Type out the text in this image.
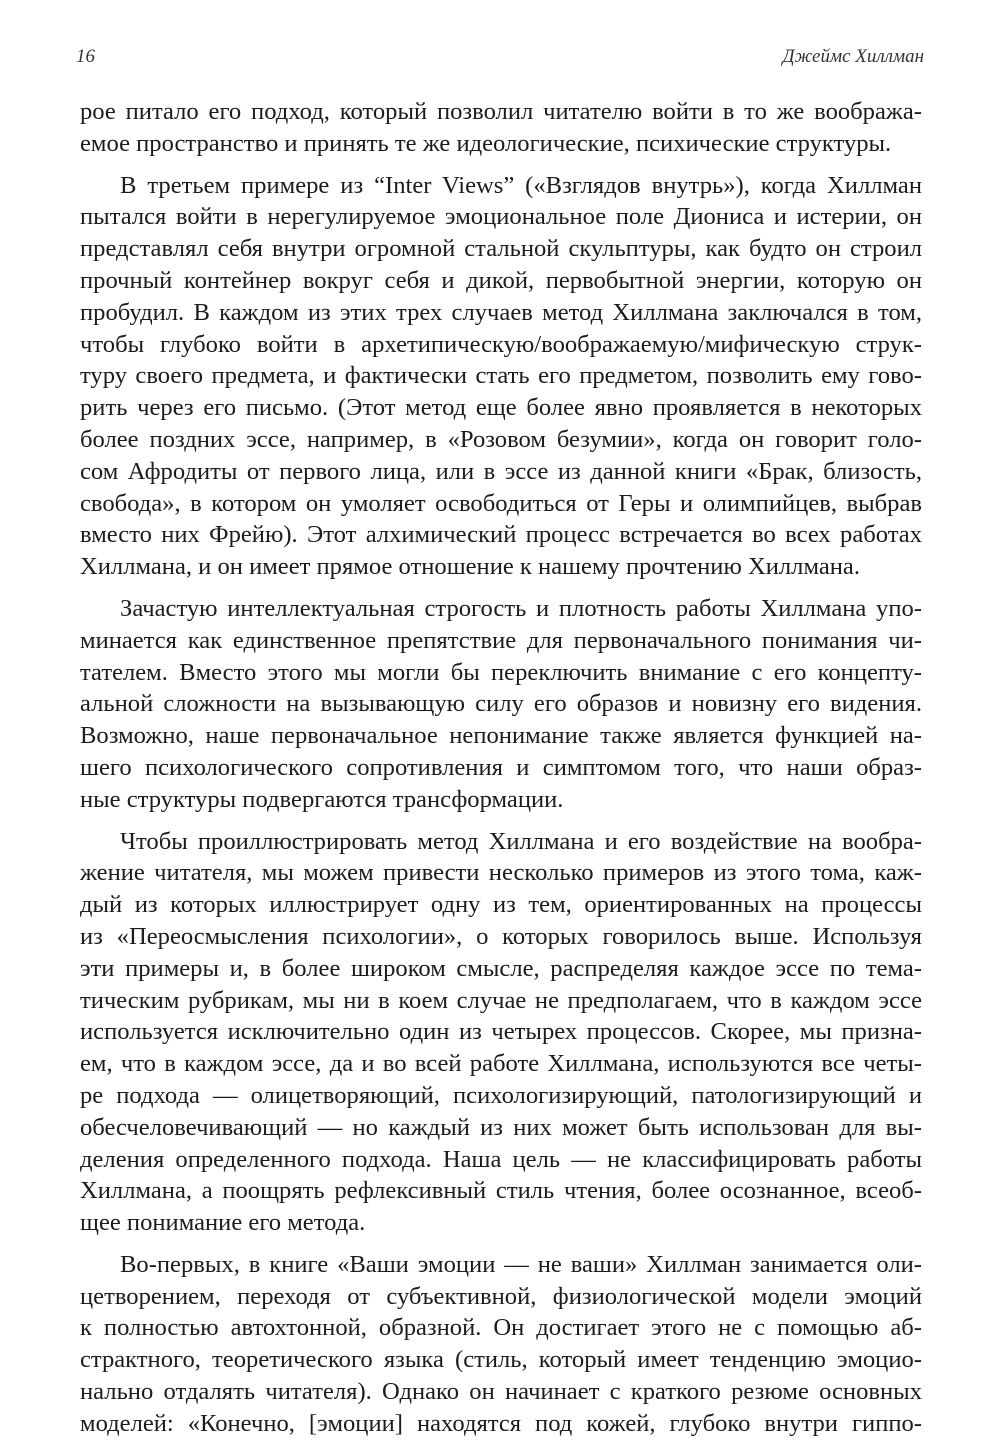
16	Джеймс Хиллман
рое питало его подход, который позволил читателю войти в то же вообража-
емое пространство и принять те же идеологические, психические структуры.
В третьем примере из “Inter Views” («Взглядов внутрь»), когда Хиллман
пытался войти в нерегулируемое эмоциональное поле Диониса и истерии, он
представлял себя внутри огромной стальной скульптуры, как будто он строил
прочный контейнер вокруг себя и дикой, первобытной энергии, которую он
пробудил. В каждом из этих трех случаев метод Хиллмана заключался в том,
чтобы глубоко войти в архетипическую/воображаемую/мифическую струк-
туру своего предмета, и фактически стать его предметом, позволить ему гово-
рить через его письмо. (Этот метод еще более явно проявляется в некоторых
более поздних эссе, например, в «Розовом безумии», когда он говорит голо-
сом Афродиты от первого лица, или в эссе из данной книги «Брак, близость,
свобода», в котором он умоляет освободиться от Геры и олимпийцев, выбрав
вместо них Фрейю). Этот алхимический процесс встречается во всех работах
Хиллмана, и он имеет прямое отношение к нашему прочтению Хиллмана.
Зачастую интеллектуальная строгость и плотность работы Хиллмана упо-
минается как единственное препятствие для первоначального понимания чи-
тателем. Вместо этого мы могли бы переключить внимание с его концепту-
альной сложности на вызывающую силу его образов и новизну его видения.
Возможно, наше первоначальное непонимание также является функцией на-
шего психологического сопротивления и симптомом того, что наши образ-
ные структуры подвергаются трансформации.
Чтобы проиллюстрировать метод Хиллмана и его воздействие на вообра-
жение читателя, мы можем привести несколько примеров из этого тома, каж-
дый из которых иллюстрирует одну из тем, ориентированных на процессы
из «Переосмысления психологии», о которых говорилось выше. Используя
эти примеры и, в более широком смысле, распределяя каждое эссе по тема-
тическим рубрикам, мы ни в коем случае не предполагаем, что в каждом эссе
используется исключительно один из четырех процессов. Скорее, мы призна-
ем, что в каждом эссе, да и во всей работе Хиллмана, используются все четы-
ре подхода — олицетворяющий, психологизирующий, патологизирующий и
обесчеловечивающий — но каждый из них может быть использован для вы-
деления определенного подхода. Наша цель — не классифицировать работы
Хиллмана, а поощрять рефлексивный стиль чтения, более осознанное, всеоб-
щее понимание его метода.
Во-первых, в книге «Ваши эмоции — не ваши» Хиллман занимается оли-
цетворением, переходя от субъективной, физиологической модели эмоций
к полностью автохтонной, образной. Он достигает этого не с помощью аб-
страктного, теоретического языка (стиль, который имеет тенденцию эмоцио-
нально отдалять читателя). Однако он начинает с краткого резюме основных
моделей: «Конечно, [эмоции] находятся под кожей, глубоко внутри гиппо-
